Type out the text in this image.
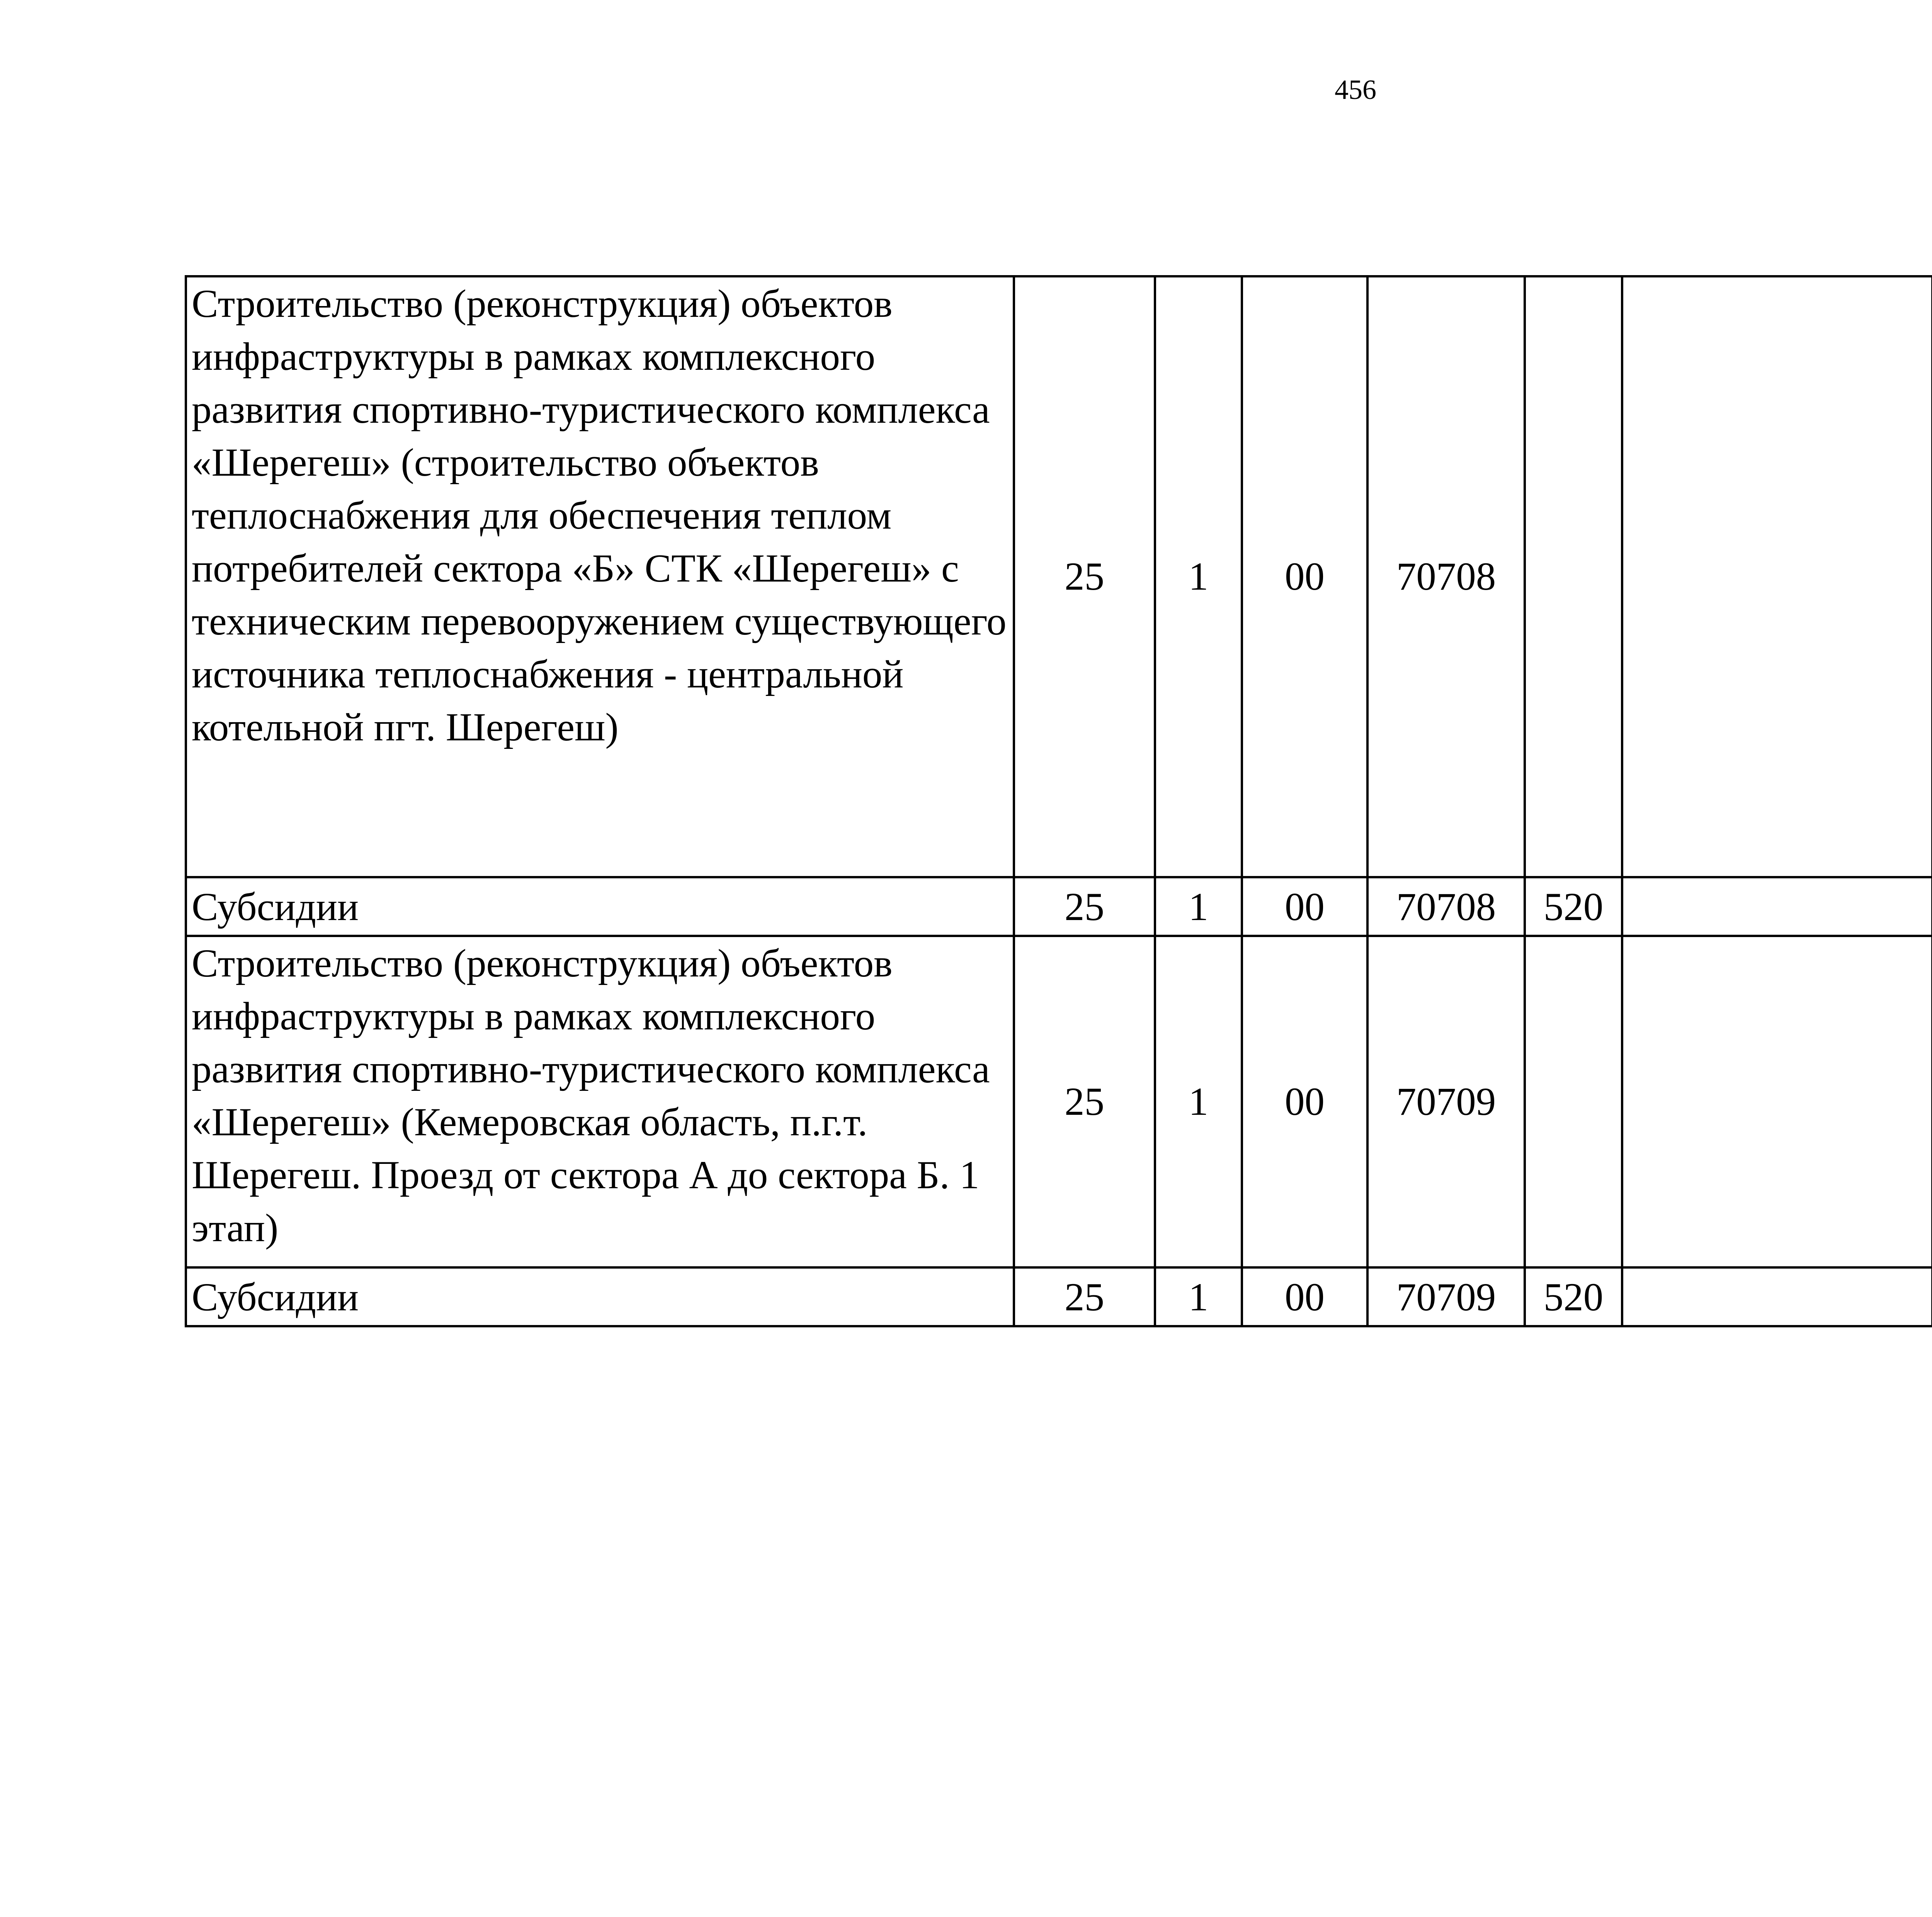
456
Строительство (реконструкция) объектов инфраструктуры в рамках комплексного развития спортивно-туристического комплекса «Шерегеш» (строительство объектов теплоснабжения для обеспечения теплом потребителей сектора «Б» СТК «Шерегеш» с техническим перевооружением существующего источника теплоснабжения - центральной котельной пгт. Шерегеш)	25	1	00	70708				
Субсидии	25	1	00	70708	520			
Строительство (реконструкция) объектов инфраструктуры в рамках комплексного развития спортивно-туристического комплекса «Шерегеш» (Кемеровская область, п.г.т. Шерегеш. Проезд от сектора А до сектора Б. 1 этап)	25	1	00	70709				
Субсидии	25	1	00	70709	520			
